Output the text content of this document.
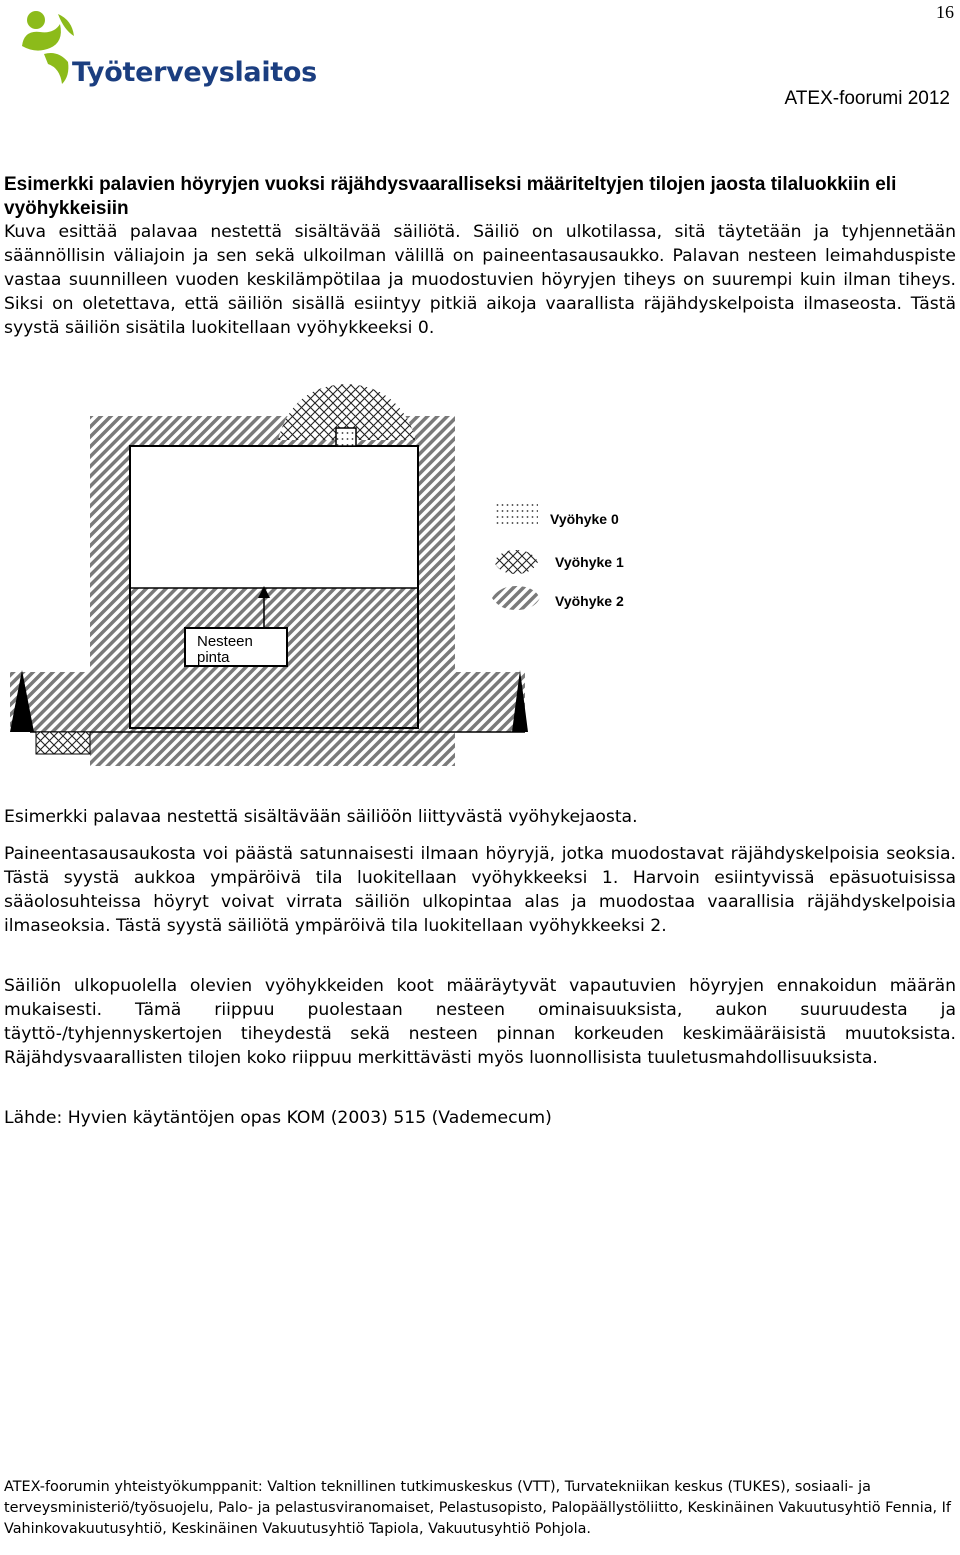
16
Työterveyslaitos
ATEX-foorumi 2012
Esimerkki palavien höyryjen vuoksi räjähdysvaaralliseksi määriteltyjen tilojen jaosta tilaluokkiin eli vyöhykkeisiin

Kuva esittää palavaa nestettä sisältävää säiliötä. Säiliö on ulkotilassa, sitä täytetään ja tyhjennetään säännöllisin väliajoin ja sen sekä ulkoilman välillä on paineentasausaukko. Palavan nesteen leimahduspiste vastaa suunnilleen vuoden keskilämpötilaa ja muodostuvien höyryjen tiheys on suurempi kuin ilman tiheys. Siksi on oletettava, että säiliön sisällä esiintyy pitkiä aikoja vaarallista räjähdyskelpoista ilmaseosta. Tästä syystä säiliön sisätila luokitellaan vyöhykkeeksi 0.

Nesteen pinta
Vyöhyke 0
Vyöhyke 1
Vyöhyke 2

Esimerkki palavaa nestettä sisältävään säiliöön liittyvästä vyöhykejaosta.

Paineentasausaukosta voi päästä satunnaisesti ilmaan höyryjä, jotka muodostavat räjähdyskelpoisia seoksia. Tästä syystä aukkoa ympäröivä tila luokitellaan vyöhykkeeksi 1. Harvoin esiintyvissä epäsuotuisissa sääolosuhteissa höyryt voivat virrata säiliön ulkopintaa alas ja muodostaa vaarallisia räjähdyskelpoisia ilmaseoksia. Tästä syystä säiliötä ympäröivä tila luokitellaan vyöhykkeeksi 2.

Säiliön ulkopuolella olevien vyöhykkeiden koot määräytyvät vapautuvien höyryjen ennakoidun määrän mukaisesti. Tämä riippuu puolestaan nesteen ominaisuuksista, aukon suuruudesta ja täyttö-/tyhjennyskertojen tiheydestä sekä nesteen pinnan korkeuden keskimääräisistä muutoksista. Räjähdysvaarallisten tilojen koko riippuu merkittävästi myös luonnollisista tuuletusmahdollisuuksista.

Lähde: Hyvien käytäntöjen opas KOM (2003) 515 (Vademecum)

ATEX-foorumin yhteistyökumppanit: Valtion teknillinen tutkimuskeskus (VTT), Turvatekniikan keskus (TUKES), sosiaali- ja terveysministeriö/työsuojelu, Palo- ja pelastusviranomaiset, Pelastusopisto, Palopäällystöliitto, Keskinäinen Vakuutusyhtiö Fennia, If Vahinkovakuutusyhtiö, Keskinäinen Vakuutusyhtiö Tapiola, Vakuutusyhtiö Pohjola.
